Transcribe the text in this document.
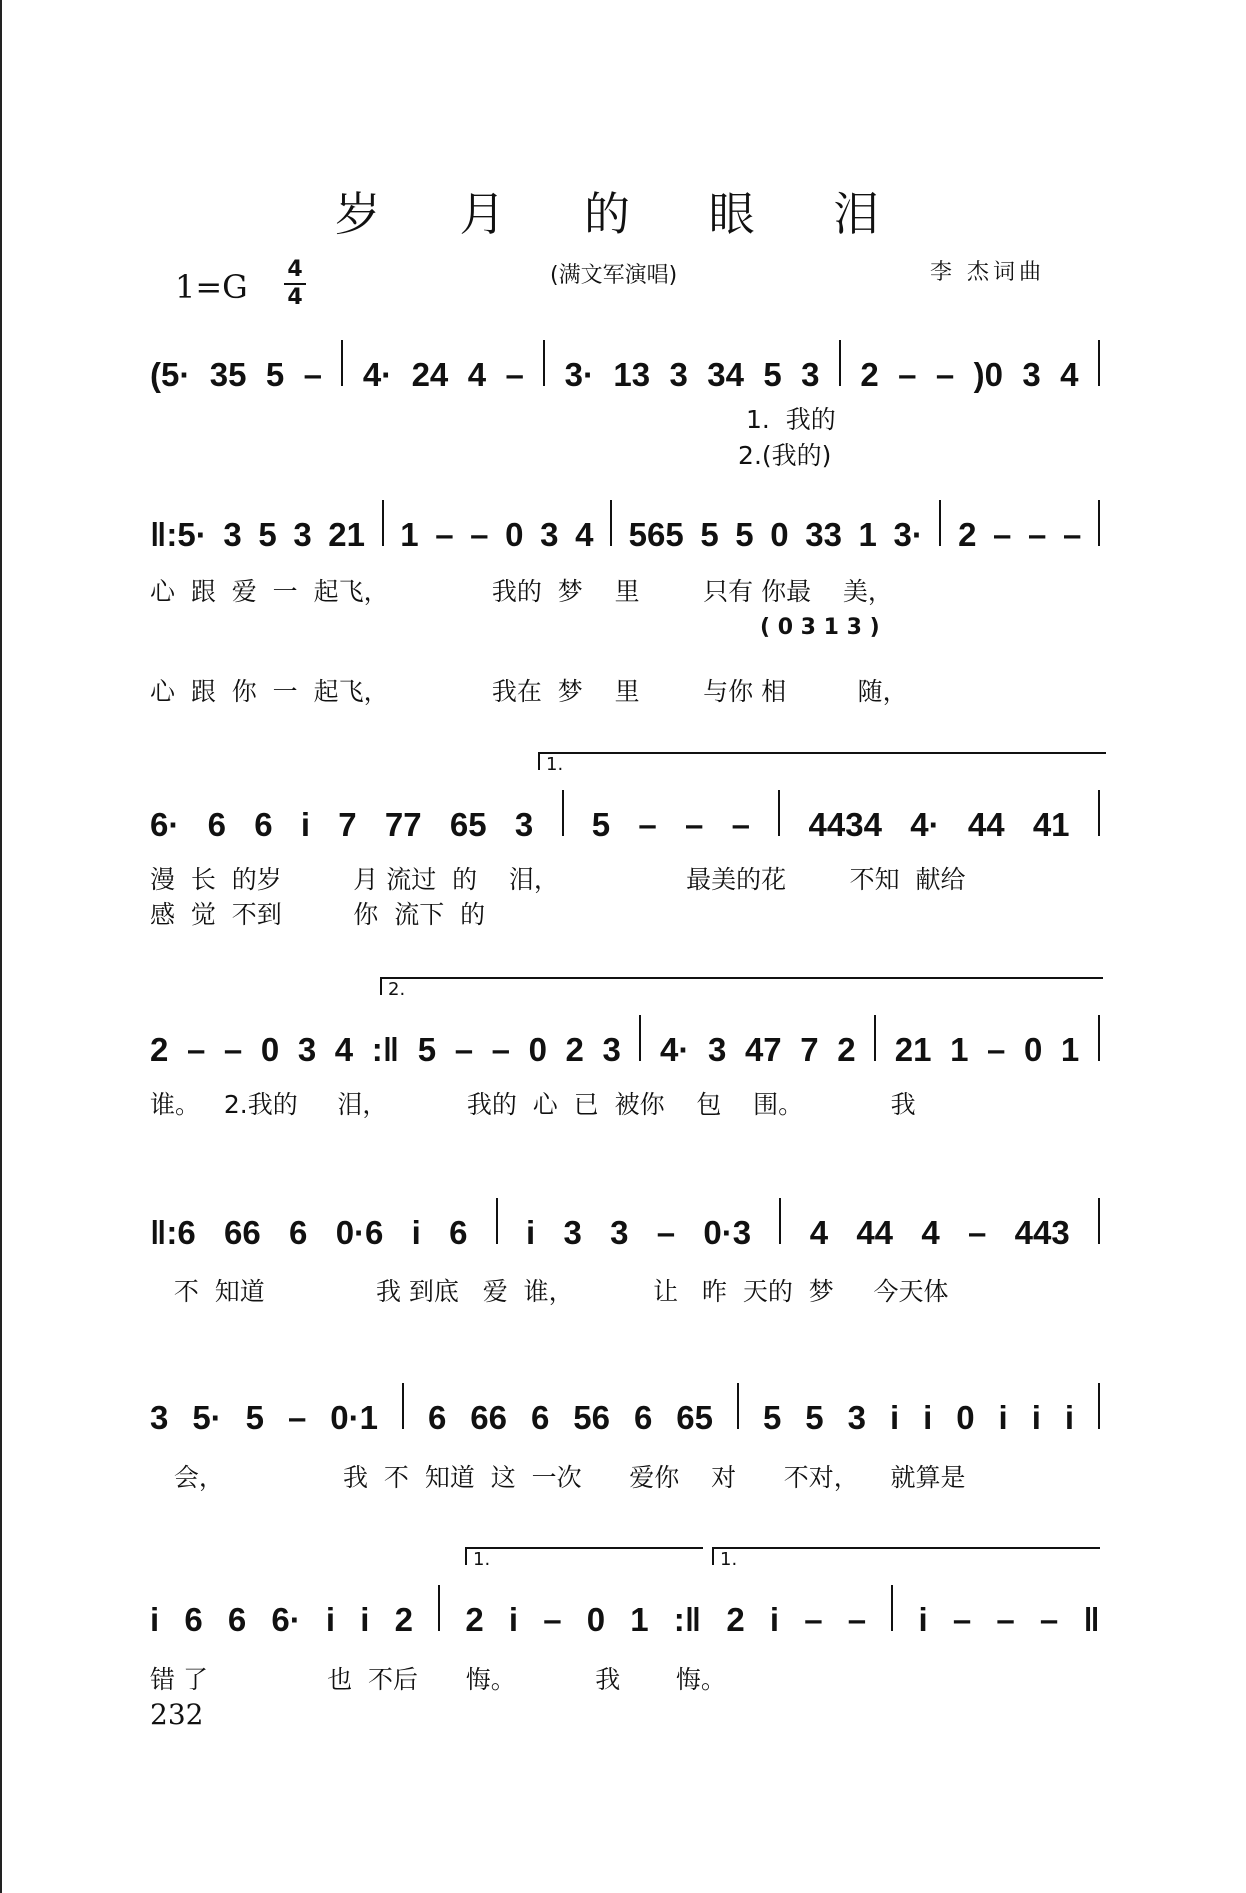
岁 月 的 眼 泪
1=G 4
4
(满文军演唱)	李 杰词曲
(5· 35 5 – 4· 24 4 – 3· 13 3 34 5 3 2 – – )0 3 4
1.  我的
2.(我的)
‖:5· 3 5 3 21 1 – – 0 3 4 565 5 5 0 33 1 3· 2 – – –
心  跟  爱  一  起飞，             我的  梦    里        只有 你最    美，
心  跟  你  一  起飞，             我在  梦    里        与你 相         随，
( 0 3 1 3 )
6· 6 6 i 7 77 65 3 5 – – – 4434 4· 44 41
漫  长  的岁         月 流过  的    泪，                最美的花        不知  献给
感  觉  不到         你  流下  的
1.
2 – – 0 3 4 :‖ 5 – – 0 2 3 4· 3 47 7 2 21 1 – 0 1
谁。   2.我的     泪，          我的  心  已  被你    包    围。           我
2.
‖:6 66 6 0·6 i 6 i 3 3 – 0·3 4 44 4 – 443
不  知道              我 到底   爱  谁，          让   昨  天的  梦     今天体
3 5· 5 – 0·1 6 66 6 56 6 65 5 5 3 i i 0 i i i
会，               我  不  知道  这  一次      爱你    对      不对，    就算是
i 6 6 6· i i 2 2 i – 0 1 :‖ 2 i – – i – – – ‖
错 了               也  不后      悔。          我       悔。
1.	1.
232
